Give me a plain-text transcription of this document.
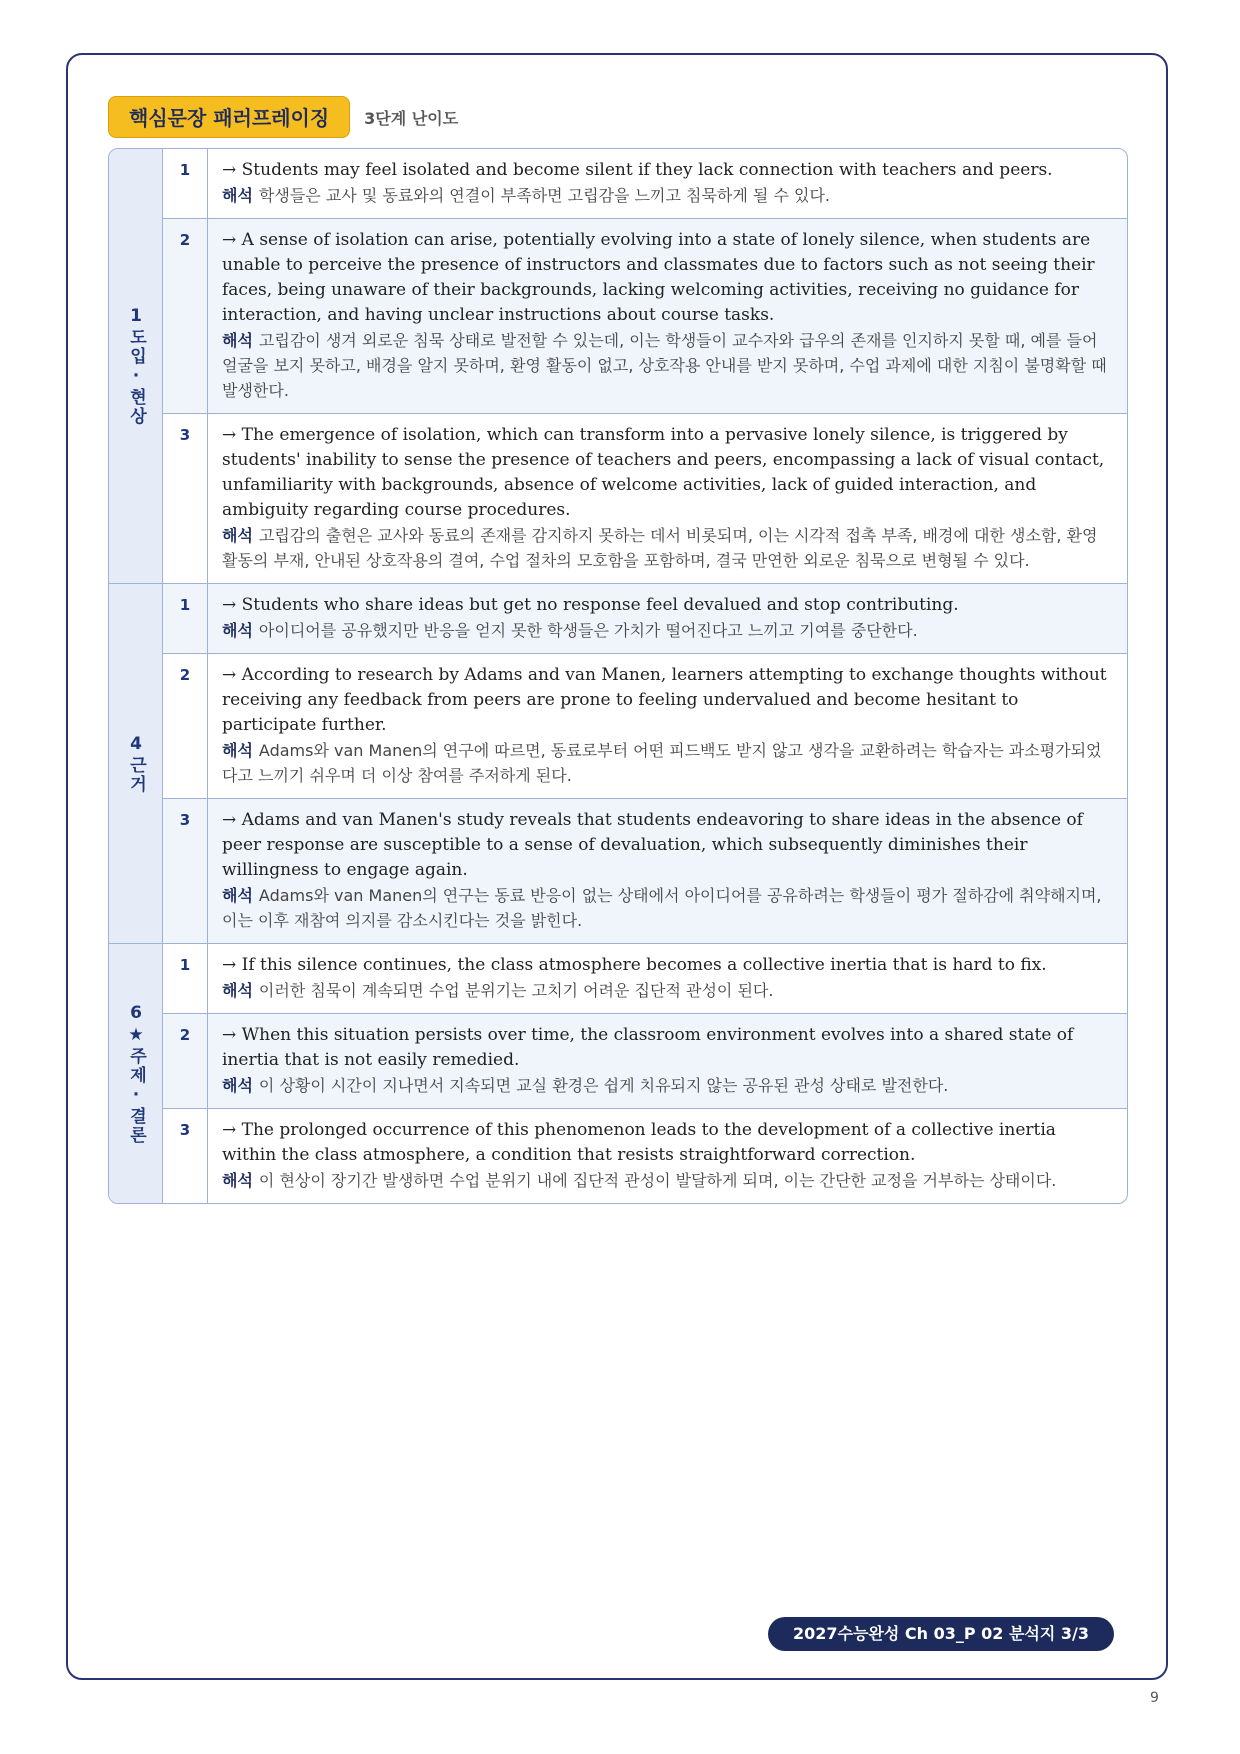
핵심문장 패러프레이징	3단계 난이도
1도입·현상
1	→ Students may feel isolated and become silent if they lack connection with teachers and peers.
해석 학생들은 교사 및 동료와의 연결이 부족하면 고립감을 느끼고 침묵하게 될 수 있다.
2	→ A sense of isolation can arise, potentially evolving into a state of lonely silence, when students are unable to perceive the presence of instructors and classmates due to factors such as not seeing their faces, being unaware of their backgrounds, lacking welcoming activities, receiving no guidance for interaction, and having unclear instructions about course tasks.
해석 고립감이 생겨 외로운 침묵 상태로 발전할 수 있는데, 이는 학생들이 교수자와 급우의 존재를 인지하지 못할 때, 예를 들어 얼굴을 보지 못하고, 배경을 알지 못하며, 환영 활동이 없고, 상호작용 안내를 받지 못하며, 수업 과제에 대한 지침이 불명확할 때 발생한다.
3	→ The emergence of isolation, which can transform into a pervasive lonely silence, is triggered by students' inability to sense the presence of teachers and peers, encompassing a lack of visual contact, unfamiliarity with backgrounds, absence of welcome activities, lack of guided interaction, and ambiguity regarding course procedures.
해석 고립감의 출현은 교사와 동료의 존재를 감지하지 못하는 데서 비롯되며, 이는 시각적 접촉 부족, 배경에 대한 생소함, 환영 활동의 부재, 안내된 상호작용의 결여, 수업 절차의 모호함을 포함하며, 결국 만연한 외로운 침묵으로 변형될 수 있다.
4근거
1	→ Students who share ideas but get no response feel devalued and stop contributing.
해석 아이디어를 공유했지만 반응을 얻지 못한 학생들은 가치가 떨어진다고 느끼고 기여를 중단한다.
2	→ According to research by Adams and van Manen, learners attempting to exchange thoughts without receiving any feedback from peers are prone to feeling undervalued and become hesitant to participate further.
해석 Adams와 van Manen의 연구에 따르면, 동료로부터 어떤 피드백도 받지 않고 생각을 교환하려는 학습자는 과소평가되었다고 느끼기 쉬우며 더 이상 참여를 주저하게 된다.
3	→ Adams and van Manen's study reveals that students endeavoring to share ideas in the absence of peer response are susceptible to a sense of devaluation, which subsequently diminishes their willingness to engage again.
해석 Adams와 van Manen의 연구는 동료 반응이 없는 상태에서 아이디어를 공유하려는 학생들이 평가 절하감에 취약해지며, 이는 이후 재참여 의지를 감소시킨다는 것을 밝힌다.
6★주제·결론
1	→ If this silence continues, the class atmosphere becomes a collective inertia that is hard to fix.
해석 이러한 침묵이 계속되면 수업 분위기는 고치기 어려운 집단적 관성이 된다.
2	→ When this situation persists over time, the classroom environment evolves into a shared state of inertia that is not easily remedied.
해석 이 상황이 시간이 지나면서 지속되면 교실 환경은 쉽게 치유되지 않는 공유된 관성 상태로 발전한다.
3	→ The prolonged occurrence of this phenomenon leads to the development of a collective inertia within the class atmosphere, a condition that resists straightforward correction.
해석 이 현상이 장기간 발생하면 수업 분위기 내에 집단적 관성이 발달하게 되며, 이는 간단한 교정을 거부하는 상태이다.
2027수능완성 Ch 03_P 02 분석지 3/3
9
